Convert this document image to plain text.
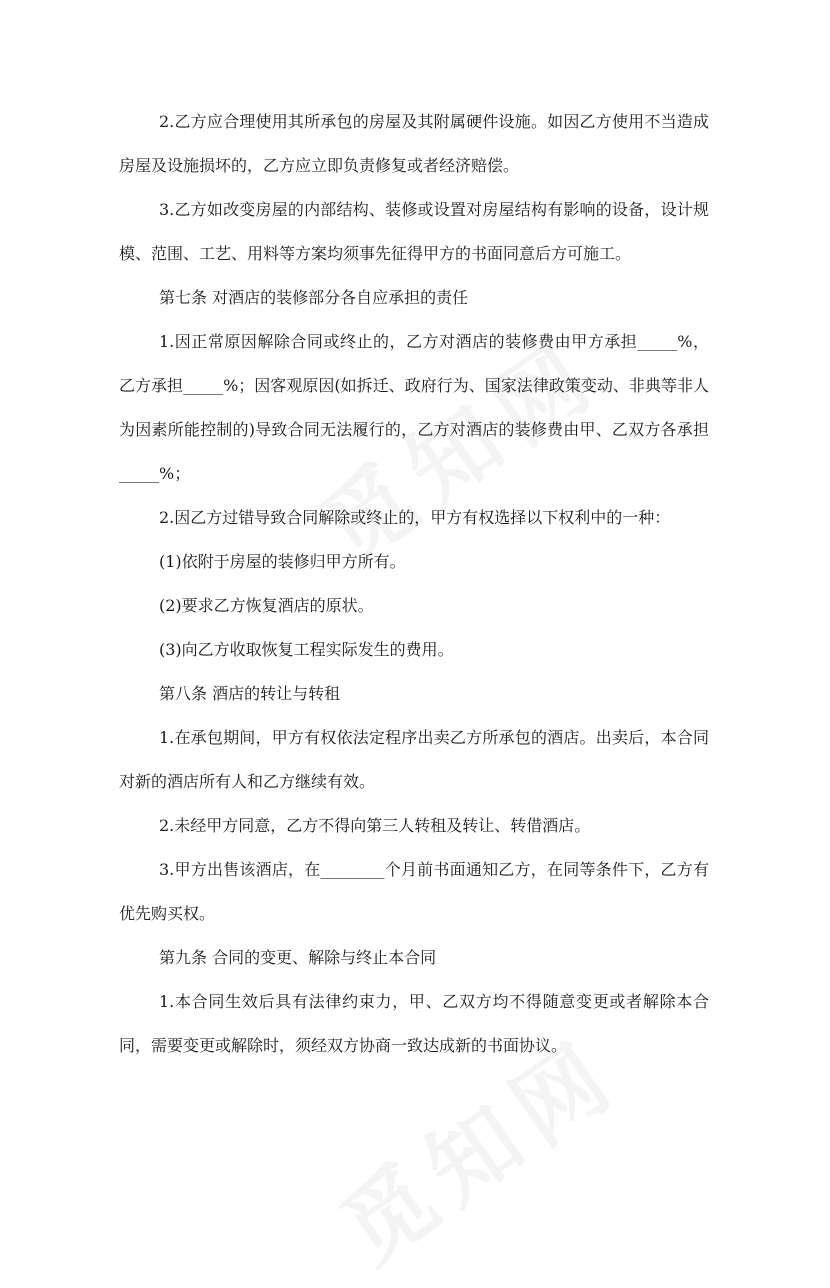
2.乙方应合理使用其所承包的房屋及其附属硬件设施。如因乙方使用不当造成房屋及设施损坏的，乙方应立即负责修复或者经济赔偿。

3.乙方如改变房屋的内部结构、装修或设置对房屋结构有影响的设备，设计规模、范围、工艺、用料等方案均须事先征得甲方的书面同意后方可施工。

第七条 对酒店的装修部分各自应承担的责任

1.因正常原因解除合同或终止的，乙方对酒店的装修费由甲方承担_____%，乙方承担_____%；因客观原因(如拆迁、政府行为、国家法律政策变动、非典等非人为因素所能控制的)导致合同无法履行的，乙方对酒店的装修费由甲、乙双方各承担_____%；

2.因乙方过错导致合同解除或终止的，甲方有权选择以下权利中的一种：

(1)依附于房屋的装修归甲方所有。

(2)要求乙方恢复酒店的原状。

(3)向乙方收取恢复工程实际发生的费用。

第八条 酒店的转让与转租

1.在承包期间，甲方有权依法定程序出卖乙方所承包的酒店。出卖后，本合同对新的酒店所有人和乙方继续有效。

2.未经甲方同意，乙方不得向第三人转租及转让、转借酒店。

3.甲方出售该酒店，在________个月前书面通知乙方，在同等条件下，乙方有优先购买权。

第九条 合同的变更、解除与终止本合同

1.本合同生效后具有法律约束力，甲、乙双方均不得随意变更或者解除本合同，需要变更或解除时，须经双方协商一致达成新的书面协议。
